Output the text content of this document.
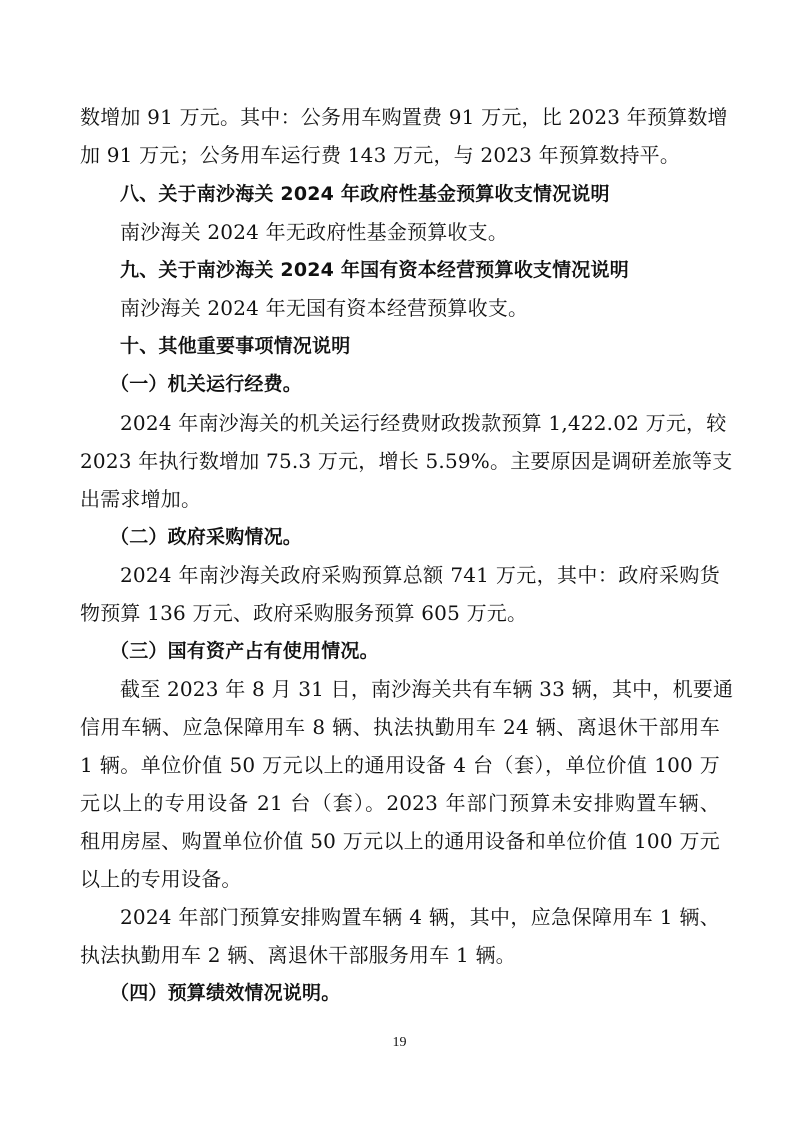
数增加 91 万元。其中：公务用车购置费 91 万元，比 2023 年预算数增
加 91 万元；公务用车运行费 143 万元，与 2023 年预算数持平。
八、关于南沙海关 2024 年政府性基金预算收支情况说明
南沙海关 2024 年无政府性基金预算收支。
九、关于南沙海关 2024 年国有资本经营预算收支情况说明
南沙海关 2024 年无国有资本经营预算收支。
十、其他重要事项情况说明
（一）机关运行经费。
2024 年南沙海关的机关运行经费财政拨款预算 1,422.02 万元，较
2023 年执行数增加 75.3 万元，增长 5.59%。主要原因是调研差旅等支
出需求增加。
（二）政府采购情况。
2024 年南沙海关政府采购预算总额 741 万元，其中：政府采购货
物预算 136 万元、政府采购服务预算 605 万元。
（三）国有资产占有使用情况。
截至 2023 年 8 月 31 日，南沙海关共有车辆 33 辆，其中，机要通
信用车辆、应急保障用车 8 辆、执法执勤用车 24 辆、离退休干部用车
1 辆。单位价值 50 万元以上的通用设备 4 台（套），单位价值 100 万
元以上的专用设备 21 台（套）。2023 年部门预算未安排购置车辆、
租用房屋、购置单位价值 50 万元以上的通用设备和单位价值 100 万元
以上的专用设备。
2024 年部门预算安排购置车辆 4 辆，其中，应急保障用车 1 辆、
执法执勤用车 2 辆、离退休干部服务用车 1 辆。
（四）预算绩效情况说明。
19
